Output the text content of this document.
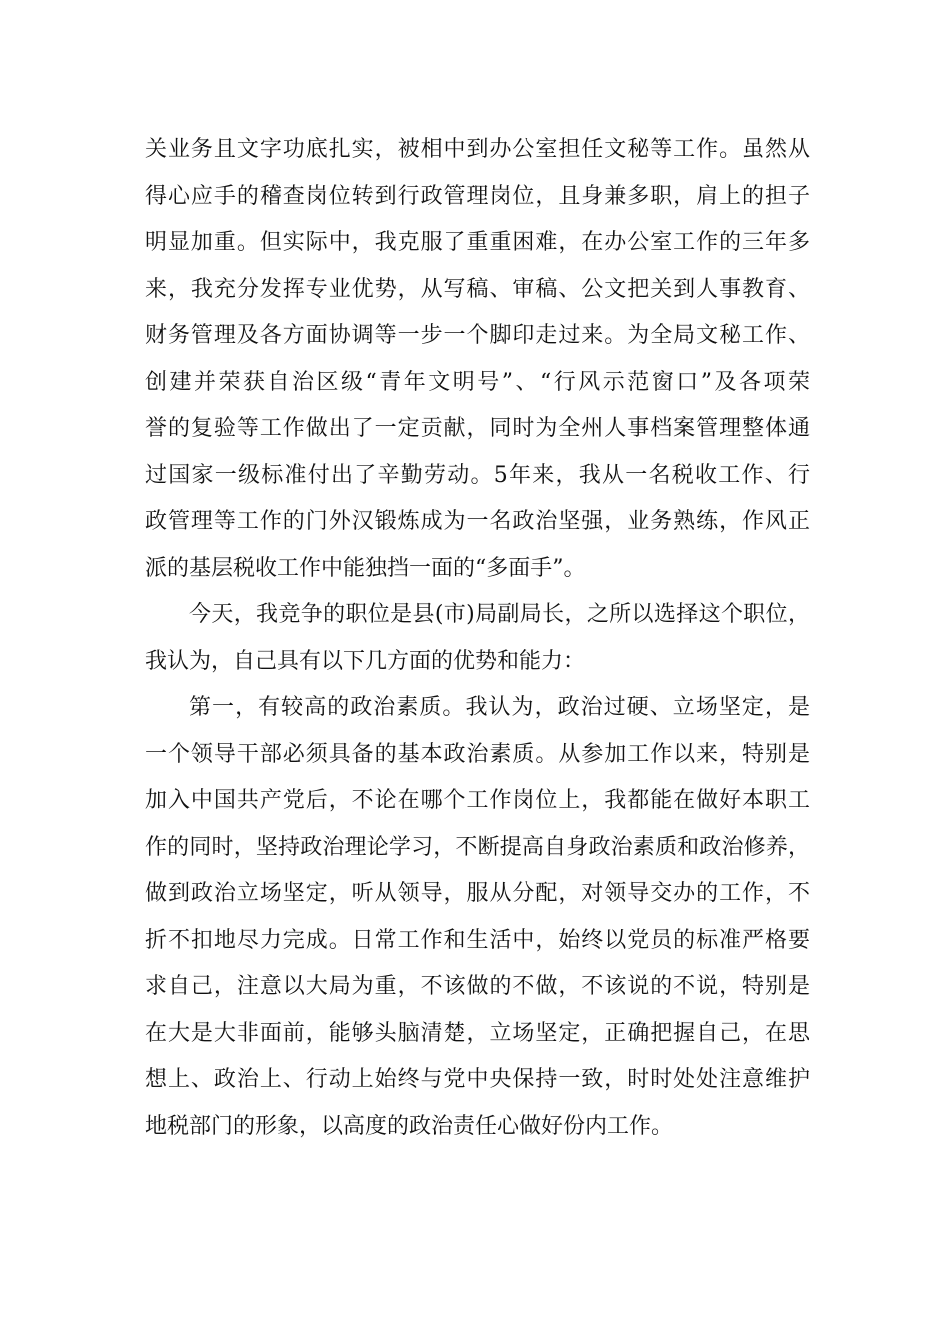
关业务且文字功底扎实，被相中到办公室担任文秘等工作。虽然从
得心应手的稽查岗位转到行政管理岗位，且身兼多职，肩上的担子
明显加重。但实际中，我克服了重重困难，在办公室工作的三年多
来，我充分发挥专业优势，从写稿、审稿、公文把关到人事教育、
财务管理及各方面协调等一步一个脚印走过来。为全局文秘工作、
创建并荣获自治区级“青年文明号”、“行风示范窗口”及各项荣
誉的复验等工作做出了一定贡献，同时为全州人事档案管理整体通
过国家一级标准付出了辛勤劳动。5年来，我从一名税收工作、行
政管理等工作的门外汉锻炼成为一名政治坚强，业务熟练，作风正
派的基层税收工作中能独挡一面的“多面手”。
今天，我竞争的职位是县(市)局副局长，之所以选择这个职位，
我认为，自己具有以下几方面的优势和能力：
第一，有较高的政治素质。我认为，政治过硬、立场坚定，是
一个领导干部必须具备的基本政治素质。从参加工作以来，特别是
加入中国共产党后，不论在哪个工作岗位上，我都能在做好本职工
作的同时，坚持政治理论学习，不断提高自身政治素质和政治修养，
做到政治立场坚定，听从领导，服从分配，对领导交办的工作，不
折不扣地尽力完成。日常工作和生活中，始终以党员的标准严格要
求自己，注意以大局为重，不该做的不做，不该说的不说，特别是
在大是大非面前，能够头脑清楚，立场坚定，正确把握自己，在思
想上、政治上、行动上始终与党中央保持一致，时时处处注意维护
地税部门的形象，以高度的政治责任心做好份内工作。
